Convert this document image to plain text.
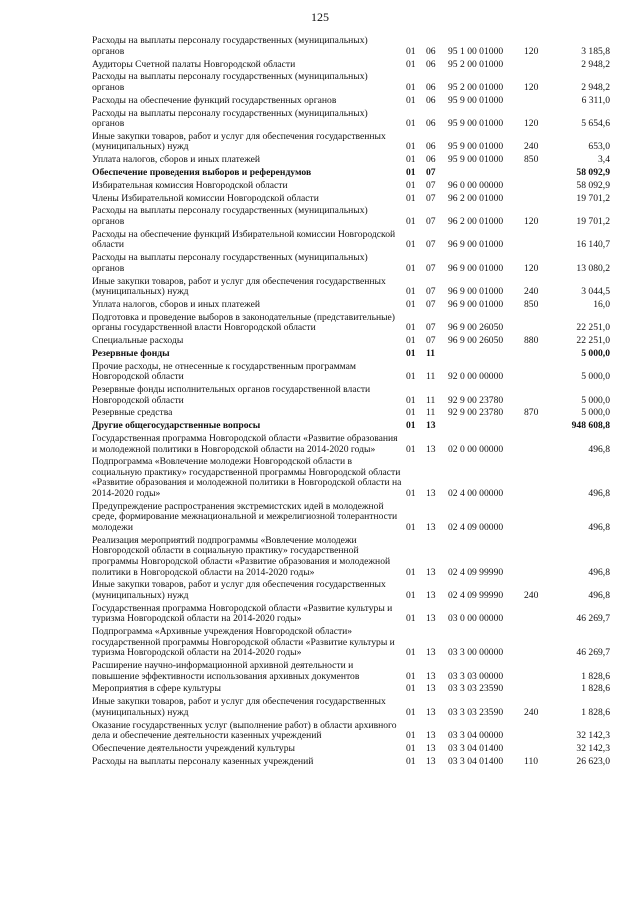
125
Расходы на выплаты персоналу государственных (муниципальных) органов	01	06	95 1 00 01000	120	3 185,8
Аудиторы Счетной палаты Новгородской области	01	06	95 2 00 01000		2 948,2
Расходы на выплаты персоналу государственных (муниципальных) органов	01	06	95 2 00 01000	120	2 948,2
Расходы на обеспечение функций государственных органов	01	06	95 9 00 01000		6 311,0
Расходы на выплаты персоналу государственных (муниципальных) органов	01	06	95 9 00 01000	120	5 654,6
Иные закупки товаров, работ и услуг для обеспечения государственных (муниципальных) нужд	01	06	95 9 00 01000	240	653,0
Уплата налогов, сборов и иных платежей	01	06	95 9 00 01000	850	3,4
Обеспечение проведения выборов и референдумов	01	07			58 092,9
Избирательная комиссия Новгородской области	01	07	96 0 00 00000		58 092,9
Члены Избирательной комиссии Новгородской области	01	07	96 2 00 01000		19 701,2
Расходы на выплаты персоналу государственных (муниципальных) органов	01	07	96 2 00 01000	120	19 701,2
Расходы на обеспечение функций Избирательной комиссии Новгородской области	01	07	96 9 00 01000		16 140,7
Расходы на выплаты персоналу государственных (муниципальных) органов	01	07	96 9 00 01000	120	13 080,2
Иные закупки товаров, работ и услуг для обеспечения государственных (муниципальных) нужд	01	07	96 9 00 01000	240	3 044,5
Уплата налогов, сборов и иных платежей	01	07	96 9 00 01000	850	16,0
Подготовка и проведение выборов в законодательные (представительные) органы государственной власти Новгородской области	01	07	96 9 00 26050		22 251,0
Специальные расходы	01	07	96 9 00 26050	880	22 251,0
Резервные фонды	01	11			5 000,0
Прочие расходы, не отнесенные к государственным программам Новгородской области	01	11	92 0 00 00000		5 000,0
Резервные фонды исполнительных органов государственной власти Новгородской области	01	11	92 9 00 23780		5 000,0
Резервные средства	01	11	92 9 00 23780	870	5 000,0
Другие общегосударственные вопросы	01	13			948 608,8
Государственная программа Новгородской области «Развитие образования и молодежной политики в Новгородской области на 2014-2020 годы»	01	13	02 0 00 00000		496,8
Подпрограмма «Вовлечение молодежи Новгородской области в социальную практику» государственной программы Новгородской области «Развитие образования и молодежной политики в Новгородской области на 2014-2020 годы»	01	13	02 4 00 00000		496,8
Предупреждение распространения экстремистских идей в молодежной среде, формирование межнациональной и межрелигиозной толерантности молодежи	01	13	02 4 09 00000		496,8
Реализация мероприятий подпрограммы «Вовлечение молодежи Новгородской области в социальную практику» государственной программы Новгородской области «Развитие образования и молодежной политики в Новгородской области на 2014-2020 годы»	01	13	02 4 09 99990		496,8
Иные закупки товаров, работ и услуг для обеспечения государственных (муниципальных) нужд	01	13	02 4 09 99990	240	496,8
Государственная программа Новгородской области «Развитие культуры и туризма Новгородской области на 2014-2020 годы»	01	13	03 0 00 00000		46 269,7
Подпрограмма «Архивные учреждения Новгородской области» государственной программы Новгородской области «Развитие культуры и туризма Новгородской области на 2014-2020 годы»	01	13	03 3 00 00000		46 269,7
Расширение научно-информационной архивной деятельности и повышение эффективности использования архивных документов	01	13	03 3 03 00000		1 828,6
Мероприятия в сфере культуры	01	13	03 3 03 23590		1 828,6
Иные закупки товаров, работ и услуг для обеспечения государственных (муниципальных) нужд	01	13	03 3 03 23590	240	1 828,6
Оказание государственных услуг (выполнение работ) в области архивного дела и обеспечение деятельности казенных учреждений	01	13	03 3 04 00000		32 142,3
Обеспечение деятельности учреждений культуры	01	13	03 3 04 01400		32 142,3
Расходы на выплаты персоналу казенных учреждений	01	13	03 3 04 01400	110	26 623,0
